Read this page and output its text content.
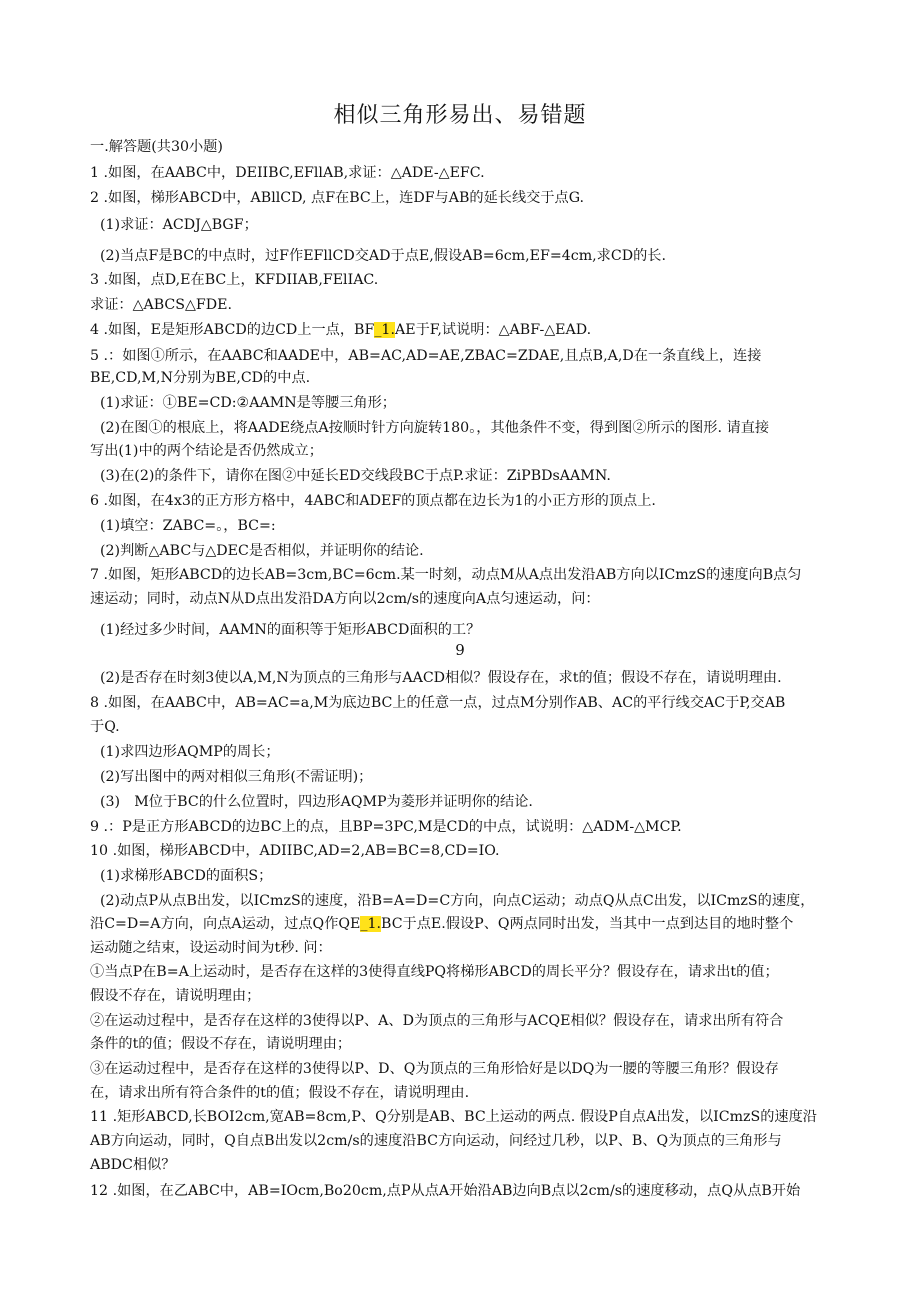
相似三角形易出、易错题
一.解答题(共30小题)
1 .如图，在AABC中，DEIIBC,EFllAB,求证：△ADE-△EFC.
2 .如图，梯形ABCD中，ABllCD, 点F在BC上，连DF与AB的延长线交于点G.
(1)求证：ACDJ△BGF；
(2)当点F是BC的中点时，过F作EFllCD交AD于点E,假设AB=6cm,EF=4cm,求CD的长.
3 .如图，点D,E在BC上，KFDIIAB,FElIAC.
求证：△ABCS△FDE.
4 .如图，E是矩形ABCD的边CD上一点，BF_1.AE于F,试说明：△ABF-△EAD.
5 .：如图①所示，在AABC和AADE中，AB=AC,AD=AE,ZBAC=ZDAE,且点B,A,D在一条直线上，连接
BE,CD,M,N分别为BE,CD的中点.
(1)求证：①BE=CD:②AAMN是等腰三角形；
(2)在图①的根底上，将AADE绕点A按顺时针方向旋转180。，其他条件不变，得到图②所示的图形. 请直接
写出(1)中的两个结论是否仍然成立；
(3)在(2)的条件下，请你在图②中延长ED交线段BC于点P.求证：ZiPBDsAAMN.
6 .如图，在4x3的正方形方格中，4ABC和ADEF的顶点都在边长为1的小正方形的顶点上.
(1)填空：ZABC=。，BC=:
(2)判断△ABC与△DEC是否相似，并证明你的结论.
7 .如图，矩形ABCD的边长AB=3cm,BC=6cm.某一时刻，动点M从A点出发沿AB方向以ICmzS的速度向B点匀
速运动；同时，动点N从D点出发沿DA方向以2cm∕s的速度向A点匀速运动，问：
(1)经过多少时间，AAMN的面积等于矩形ABCD面积的工？
9
(2)是否存在时刻3使以A,M,N为顶点的三角形与AACD相似？假设存在，求t的值；假设不存在，请说明理由.
8 .如图，在AABC中，AB=AC=a,M为底边BC上的任意一点，过点M分别作AB、AC的平行线交AC于P,交AB
于Q.
(1)求四边形AQMP的周长；
(2)写出图中的两对相似三角形(不需证明)；
(3)　M位于BC的什么位置时，四边形AQMP为菱形并证明你的结论.
9 .：P是正方形ABCD的边BC上的点，且BP=3PC,M是CD的中点，试说明：△ADM-△MCP.
10 .如图，梯形ABCD中，ADIIBC,AD=2,AB=BC=8,CD=IO.
(1)求梯形ABCD的面积S；
(2)动点P从点B出发，以ICmzS的速度，沿B=A=D=C方向，向点C运动；动点Q从点C出发，以ICmzS的速度，
沿C=D=A方向，向点A运动，过点Q作QE_1.BC于点E.假设P、Q两点同时出发，当其中一点到达目的地时整个
运动随之结束，设运动时间为t秒. 问：
①当点P在B=A上运动时，是否存在这样的3使得直线PQ将梯形ABCD的周长平分？假设存在，请求出t的值；
假设不存在，请说明理由；
②在运动过程中，是否存在这样的3使得以P、A、D为顶点的三角形与ACQE相似？假设存在，请求出所有符合
条件的t的值；假设不存在，请说明理由；
③在运动过程中，是否存在这样的3使得以P、D、Q为顶点的三角形恰好是以DQ为一腰的等腰三角形？假设存
在，请求出所有符合条件的t的值；假设不存在，请说明理由.
11 .矩形ABCD,长BOI2cm,宽AB=8cm,P、Q分别是AB、BC上运动的两点. 假设P自点A出发，以ICmzS的速度沿
AB方向运动，同时，Q自点B出发以2cm∕s的速度沿BC方向运动，问经过几秒，以P、B、Q为顶点的三角形与
ABDC相似？
12 .如图，在乙ABC中，AB=IOcm,Bo20cm,点P从点A开始沿AB边向B点以2cm∕s的速度移动，点Q从点B开始
